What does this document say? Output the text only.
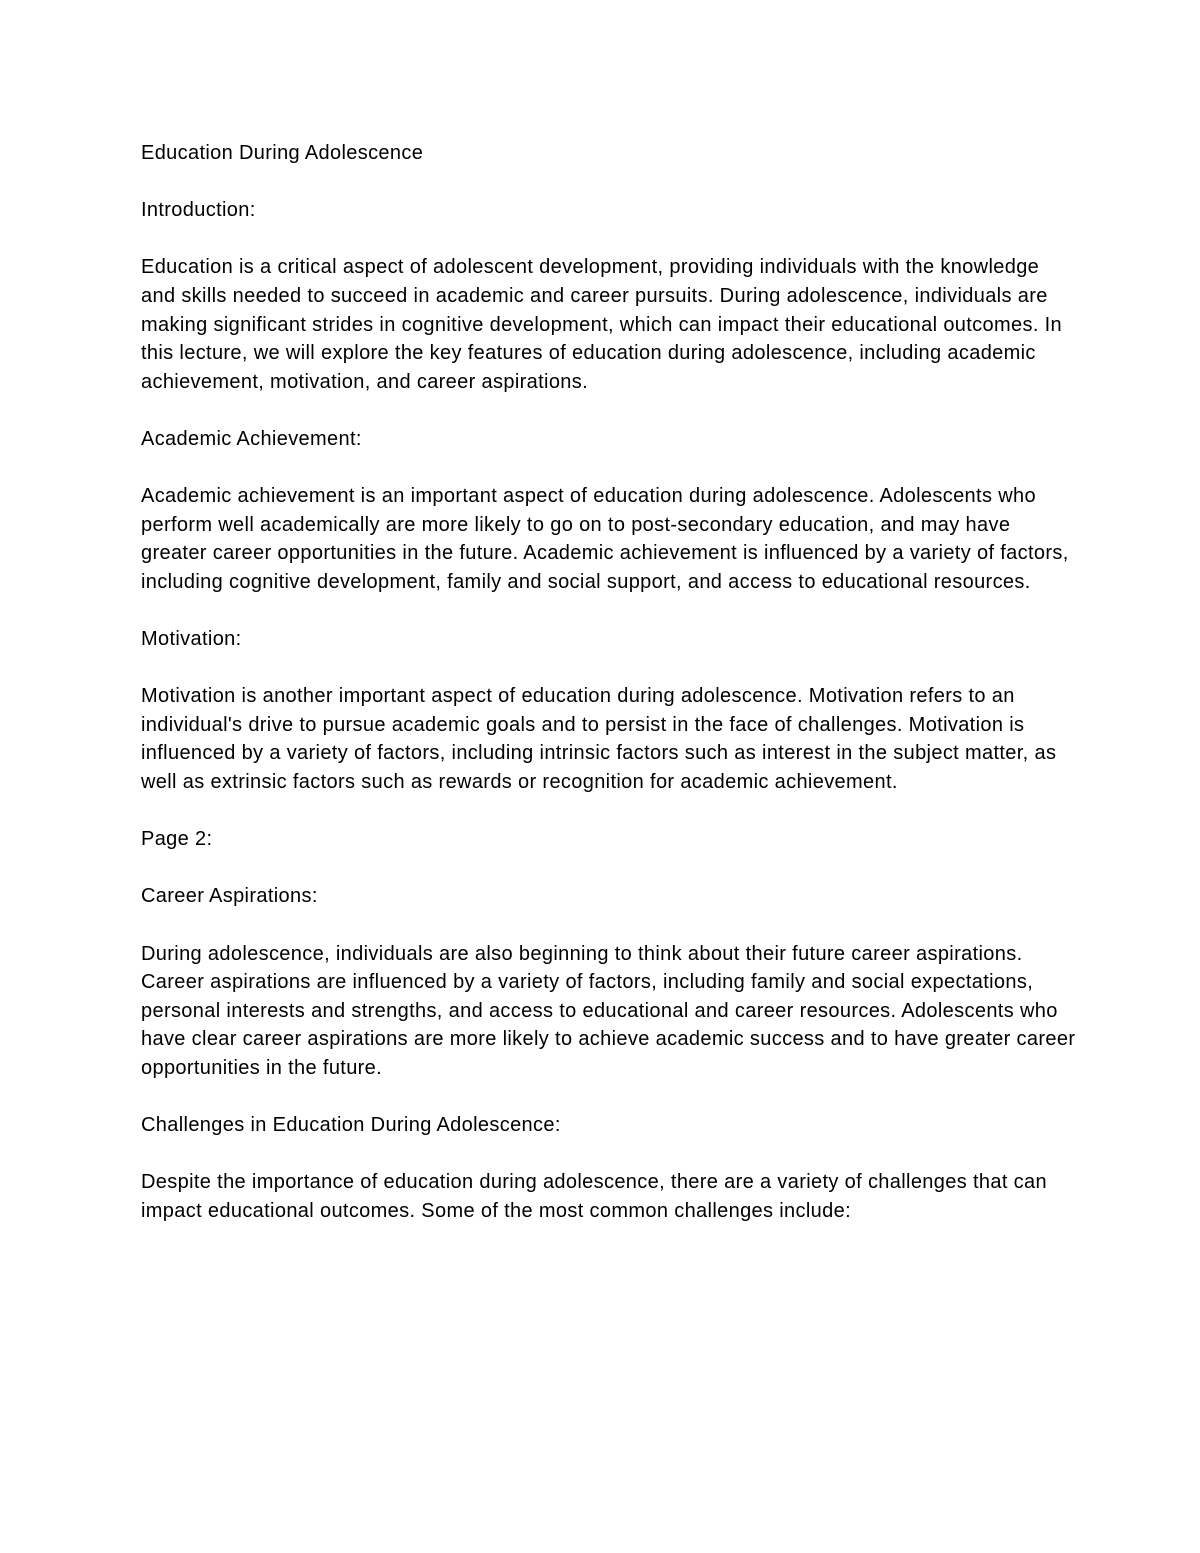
Education During Adolescence

Introduction:

Education is a critical aspect of adolescent development, providing individuals with the knowledge and skills needed to succeed in academic and career pursuits. During adolescence, individuals are making significant strides in cognitive development, which can impact their educational outcomes. In this lecture, we will explore the key features of education during adolescence, including academic achievement, motivation, and career aspirations.

Academic Achievement:

Academic achievement is an important aspect of education during adolescence. Adolescents who perform well academically are more likely to go on to post-secondary education, and may have greater career opportunities in the future. Academic achievement is influenced by a variety of factors, including cognitive development, family and social support, and access to educational resources.

Motivation:

Motivation is another important aspect of education during adolescence. Motivation refers to an individual's drive to pursue academic goals and to persist in the face of challenges. Motivation is influenced by a variety of factors, including intrinsic factors such as interest in the subject matter, as well as extrinsic factors such as rewards or recognition for academic achievement.

Page 2:

Career Aspirations:

During adolescence, individuals are also beginning to think about their future career aspirations. Career aspirations are influenced by a variety of factors, including family and social expectations, personal interests and strengths, and access to educational and career resources. Adolescents who have clear career aspirations are more likely to achieve academic success and to have greater career opportunities in the future.

Challenges in Education During Adolescence:

Despite the importance of education during adolescence, there are a variety of challenges that can impact educational outcomes. Some of the most common challenges include:
